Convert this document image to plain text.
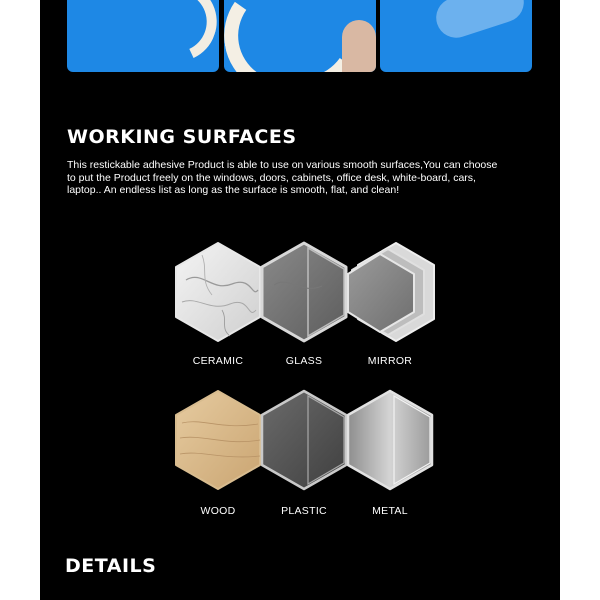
WORKING SURFACES

This restickable adhesive Product is able to use on various smooth surfaces,You can choose to put the Product freely on the windows, doors, cabinets, office desk, white-board, cars, laptop.. An endless list as long as the surface is smooth, flat, and clean!

CERAMIC	GLASS	MIRROR
WOOD	PLASTIC	METAL
DETAILS
